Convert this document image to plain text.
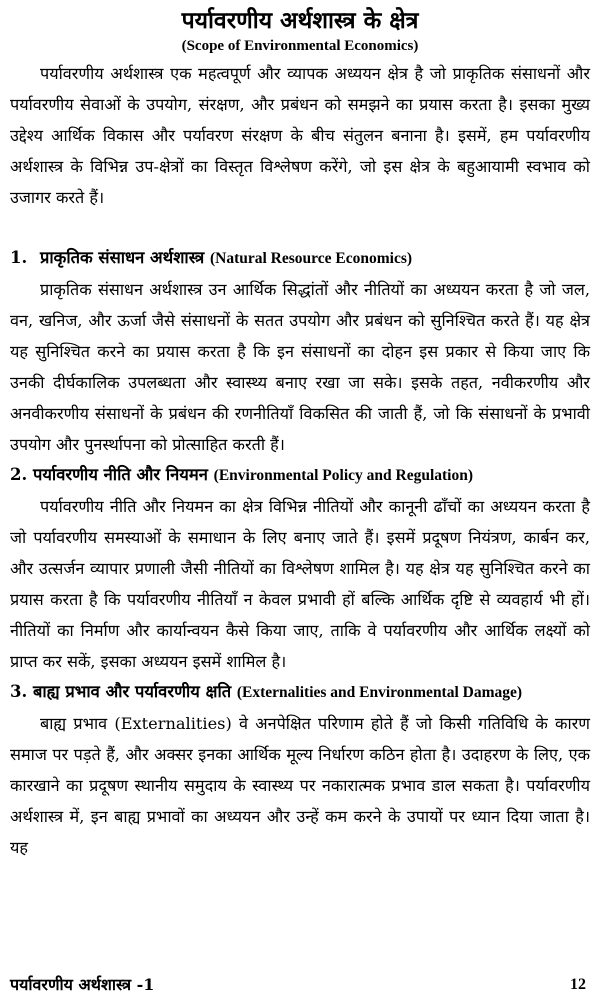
पर्यावरणीय अर्थशास्त्र के क्षेत्र

(Scope of Environmental Economics)

पर्यावरणीय अर्थशास्त्र एक महत्वपूर्ण और व्यापक अध्ययन क्षेत्र है जो प्राकृतिक संसाधनों और पर्यावरणीय सेवाओं के उपयोग, संरक्षण, और प्रबंधन को समझने का प्रयास करता है। इसका मुख्य उद्देश्य आर्थिक विकास और पर्यावरण संरक्षण के बीच संतुलन बनाना है। इसमें, हम पर्यावरणीय अर्थशास्त्र के विभिन्न उप-क्षेत्रों का विस्तृत विश्लेषण करेंगे, जो इस क्षेत्र के बहुआयामी स्वभाव को उजागर करते हैं।

1. प्राकृतिक संसाधन अर्थशास्त्र (Natural Resource Economics)

प्राकृतिक संसाधन अर्थशास्त्र उन आर्थिक सिद्धांतों और नीतियों का अध्ययन करता है जो जल, वन, खनिज, और ऊर्जा जैसे संसाधनों के सतत उपयोग और प्रबंधन को सुनिश्चित करते हैं। यह क्षेत्र यह सुनिश्चित करने का प्रयास करता है कि इन संसाधनों का दोहन इस प्रकार से किया जाए कि उनकी दीर्घकालिक उपलब्धता और स्वास्थ्य बनाए रखा जा सके। इसके तहत, नवीकरणीय और अनवीकरणीय संसाधनों के प्रबंधन की रणनीतियाँ विकसित की जाती हैं, जो कि संसाधनों के प्रभावी उपयोग और पुनर्स्थापना को प्रोत्साहित करती हैं।

2. पर्यावरणीय नीति और नियमन (Environmental Policy and Regulation)

पर्यावरणीय नीति और नियमन का क्षेत्र विभिन्न नीतियों और कानूनी ढाँचों का अध्ययन करता है जो पर्यावरणीय समस्याओं के समाधान के लिए बनाए जाते हैं। इसमें प्रदूषण नियंत्रण, कार्बन कर, और उत्सर्जन व्यापार प्रणाली जैसी नीतियों का विश्लेषण शामिल है। यह क्षेत्र यह सुनिश्चित करने का प्रयास करता है कि पर्यावरणीय नीतियाँ न केवल प्रभावी हों बल्कि आर्थिक दृष्टि से व्यवहार्य भी हों। नीतियों का निर्माण और कार्यान्वयन कैसे किया जाए, ताकि वे पर्यावरणीय और आर्थिक लक्ष्यों को प्राप्त कर सकें, इसका अध्ययन इसमें शामिल है।

3. बाह्य प्रभाव और पर्यावरणीय क्षति (Externalities and Environmental Damage)

बाह्य प्रभाव (Externalities) वे अनपेक्षित परिणाम होते हैं जो किसी गतिविधि के कारण समाज पर पड़ते हैं, और अक्सर इनका आर्थिक मूल्य निर्धारण कठिन होता है। उदाहरण के लिए, एक कारखाने का प्रदूषण स्थानीय समुदाय के स्वास्थ्य पर नकारात्मक प्रभाव डाल सकता है। पर्यावरणीय अर्थशास्त्र में, इन बाह्य प्रभावों का अध्ययन और उन्हें कम करने के उपायों पर ध्यान दिया जाता है। यह

पर्यावरणीय अर्थशास्त्र -1	12
